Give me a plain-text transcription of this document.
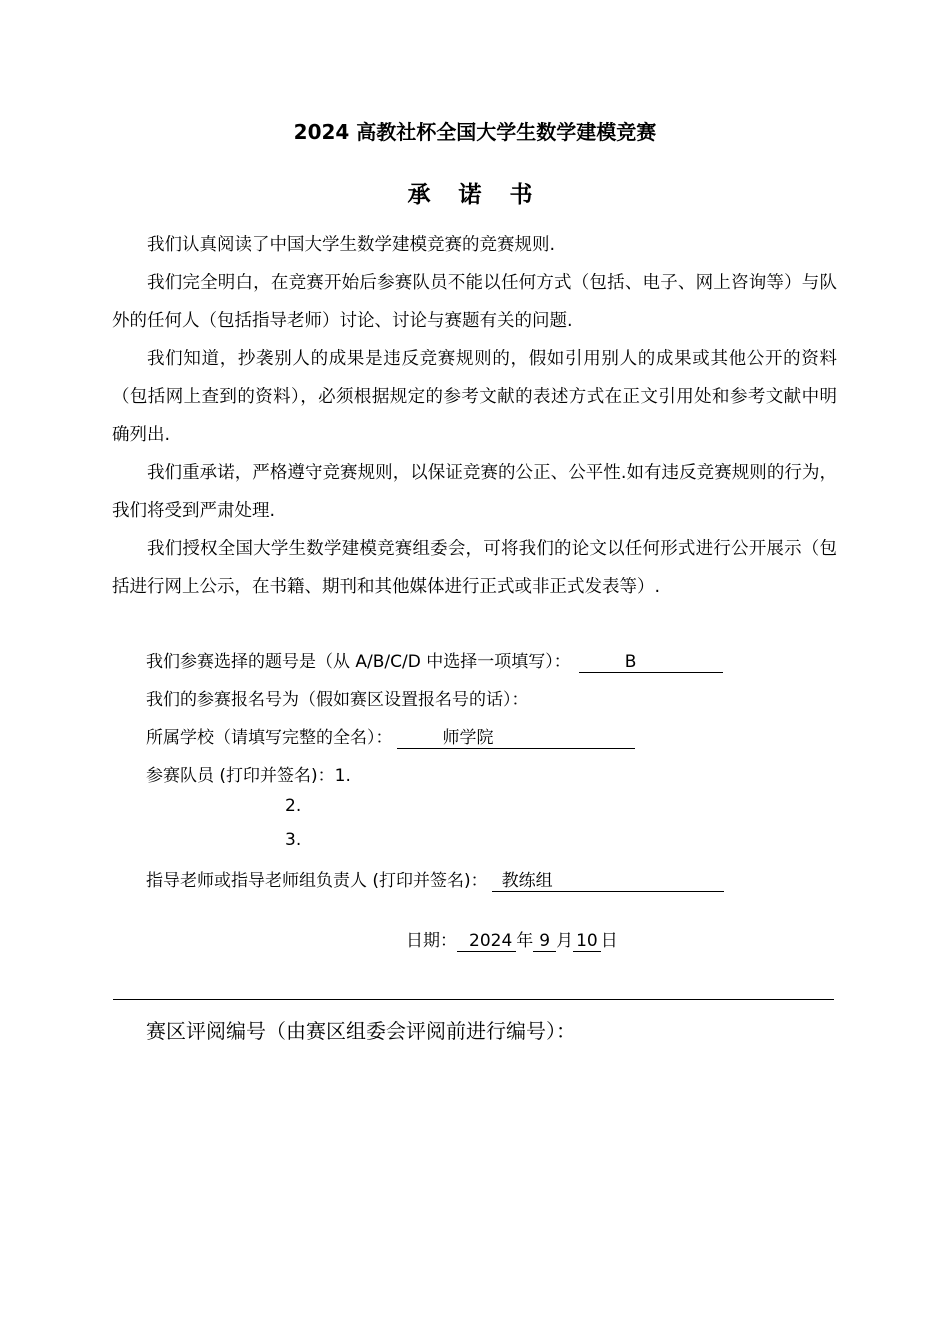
2024 高教社杯全国大学生数学建模竞赛
承 诺 书

我们认真阅读了中国大学生数学建模竞赛的竞赛规则.

我们完全明白，在竞赛开始后参赛队员不能以任何方式（包括、电子、网上咨询等）与队外的任何人（包括指导老师）讨论、讨论与赛题有关的问题.

我们知道，抄袭别人的成果是违反竞赛规则的，假如引用别人的成果或其他公开的资料（包括网上查到的资料），必须根据规定的参考文献的表述方式在正文引用处和参考文献中明确列出.

我们重承诺，严格遵守竞赛规则，以保证竞赛的公正、公平性.如有违反竞赛规则的行为，我们将受到严肃处理.

我们授权全国大学生数学建模竞赛组委会，可将我们的论文以任何形式进行公开展示（包括进行网上公示，在书籍、期刊和其他媒体进行正式或非正式发表等）.

我们参赛选择的题号是（从 A/B/C/D 中选择一项填写）：	B
我们的参赛报名号为（假如赛区设置报名号的话）：
所属学校（请填写完整的全名）：	师学院
参赛队员 (打印并签名)：1.
2.
3.
指导老师或指导老师组负责人 (打印并签名)： 教练组
日期： 2024 年 9 月 10 日
赛区评阅编号（由赛区组委会评阅前进行编号）：
